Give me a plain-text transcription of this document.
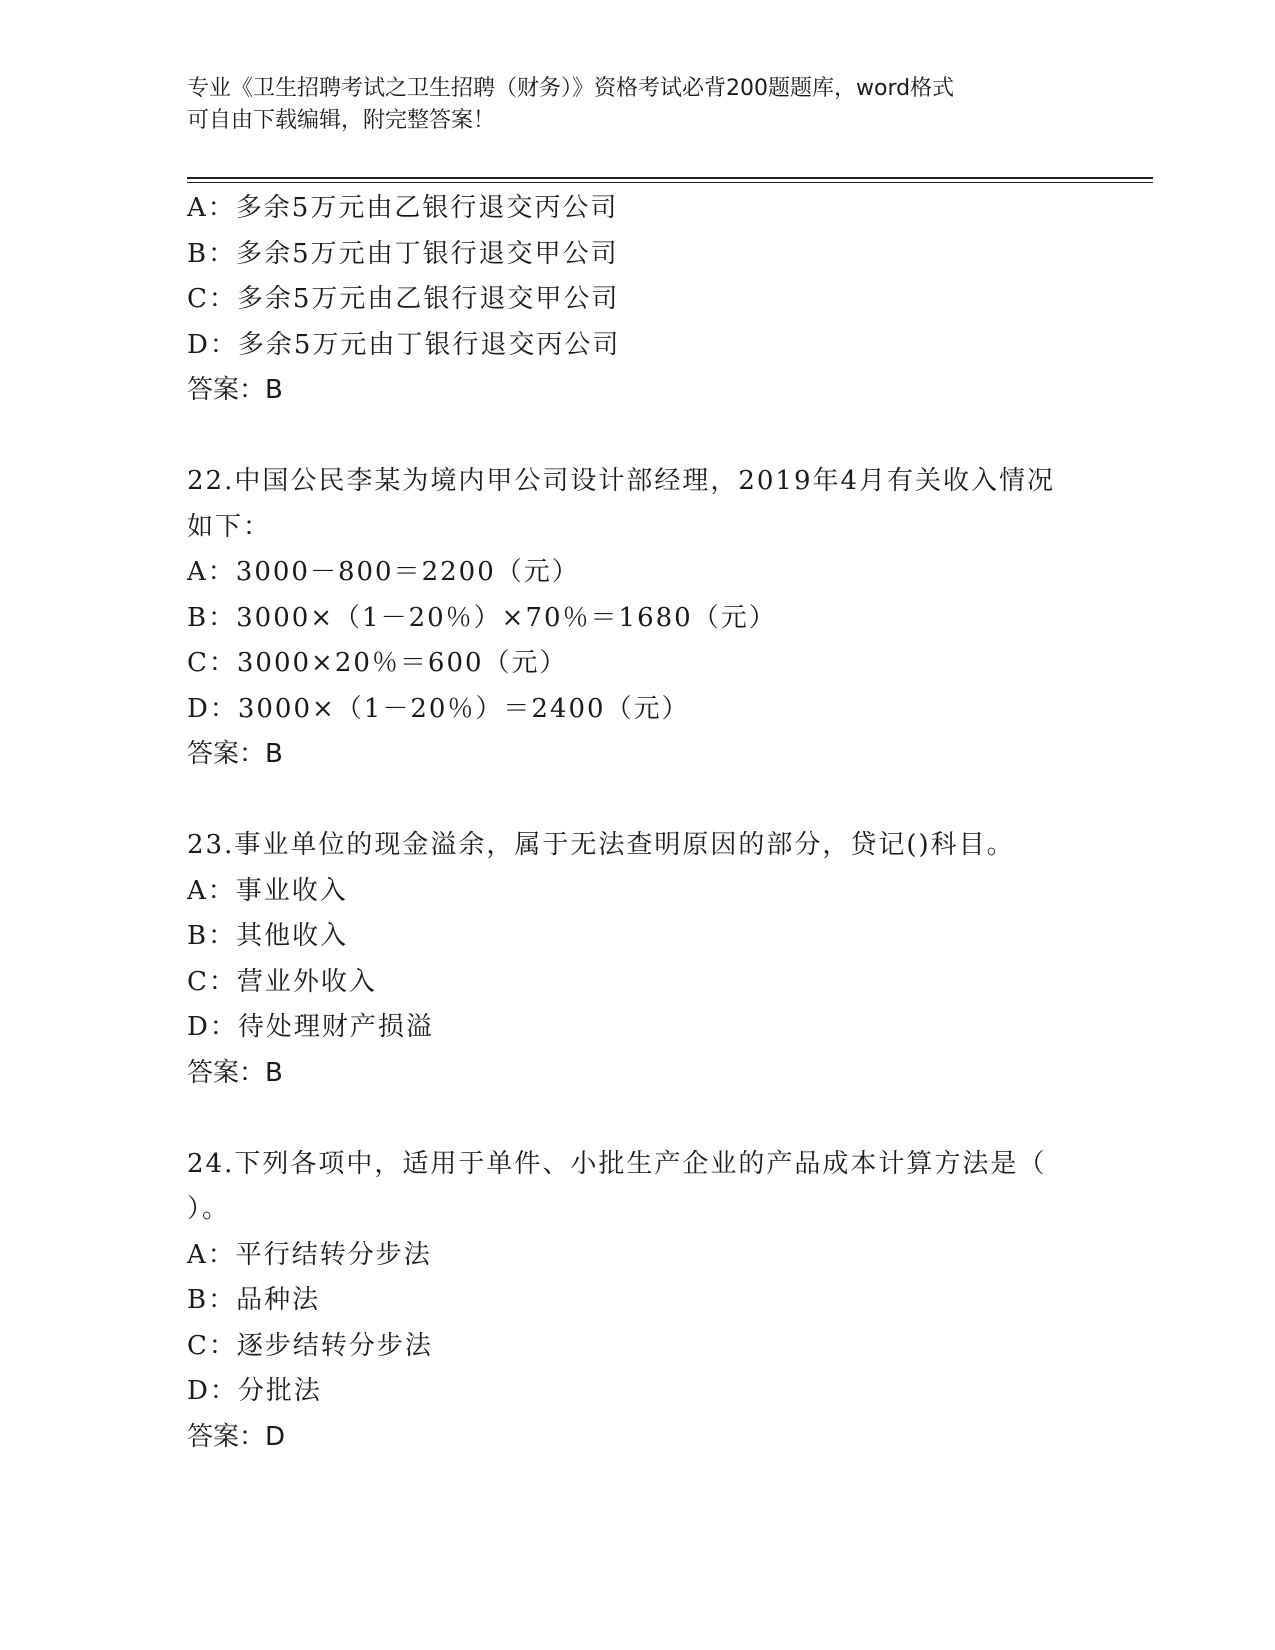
专业《卫生招聘考试之卫生招聘（财务）》资格考试必背200题题库，word格式
可自由下载编辑，附完整答案！
A：多余5万元由乙银行退交丙公司
B：多余5万元由丁银行退交甲公司
C：多余5万元由乙银行退交甲公司
D：多余5万元由丁银行退交丙公司
答案：B
22.中国公民李某为境内甲公司设计部经理，2019年4月有关收入情况
如下：
A：3000－800＝2200（元）
B：3000×（1－20％）×70％＝1680（元）
C：3000×20％＝600（元）
D：3000×（1－20％）＝2400（元）
答案：B
23.事业单位的现金溢余，属于无法查明原因的部分，贷记()科目。
A：事业收入
B：其他收入
C：营业外收入
D：待处理财产损溢
答案：B
24.下列各项中，适用于单件、小批生产企业的产品成本计算方法是（
）。
A：平行结转分步法
B：品种法
C：逐步结转分步法
D：分批法
答案：D
